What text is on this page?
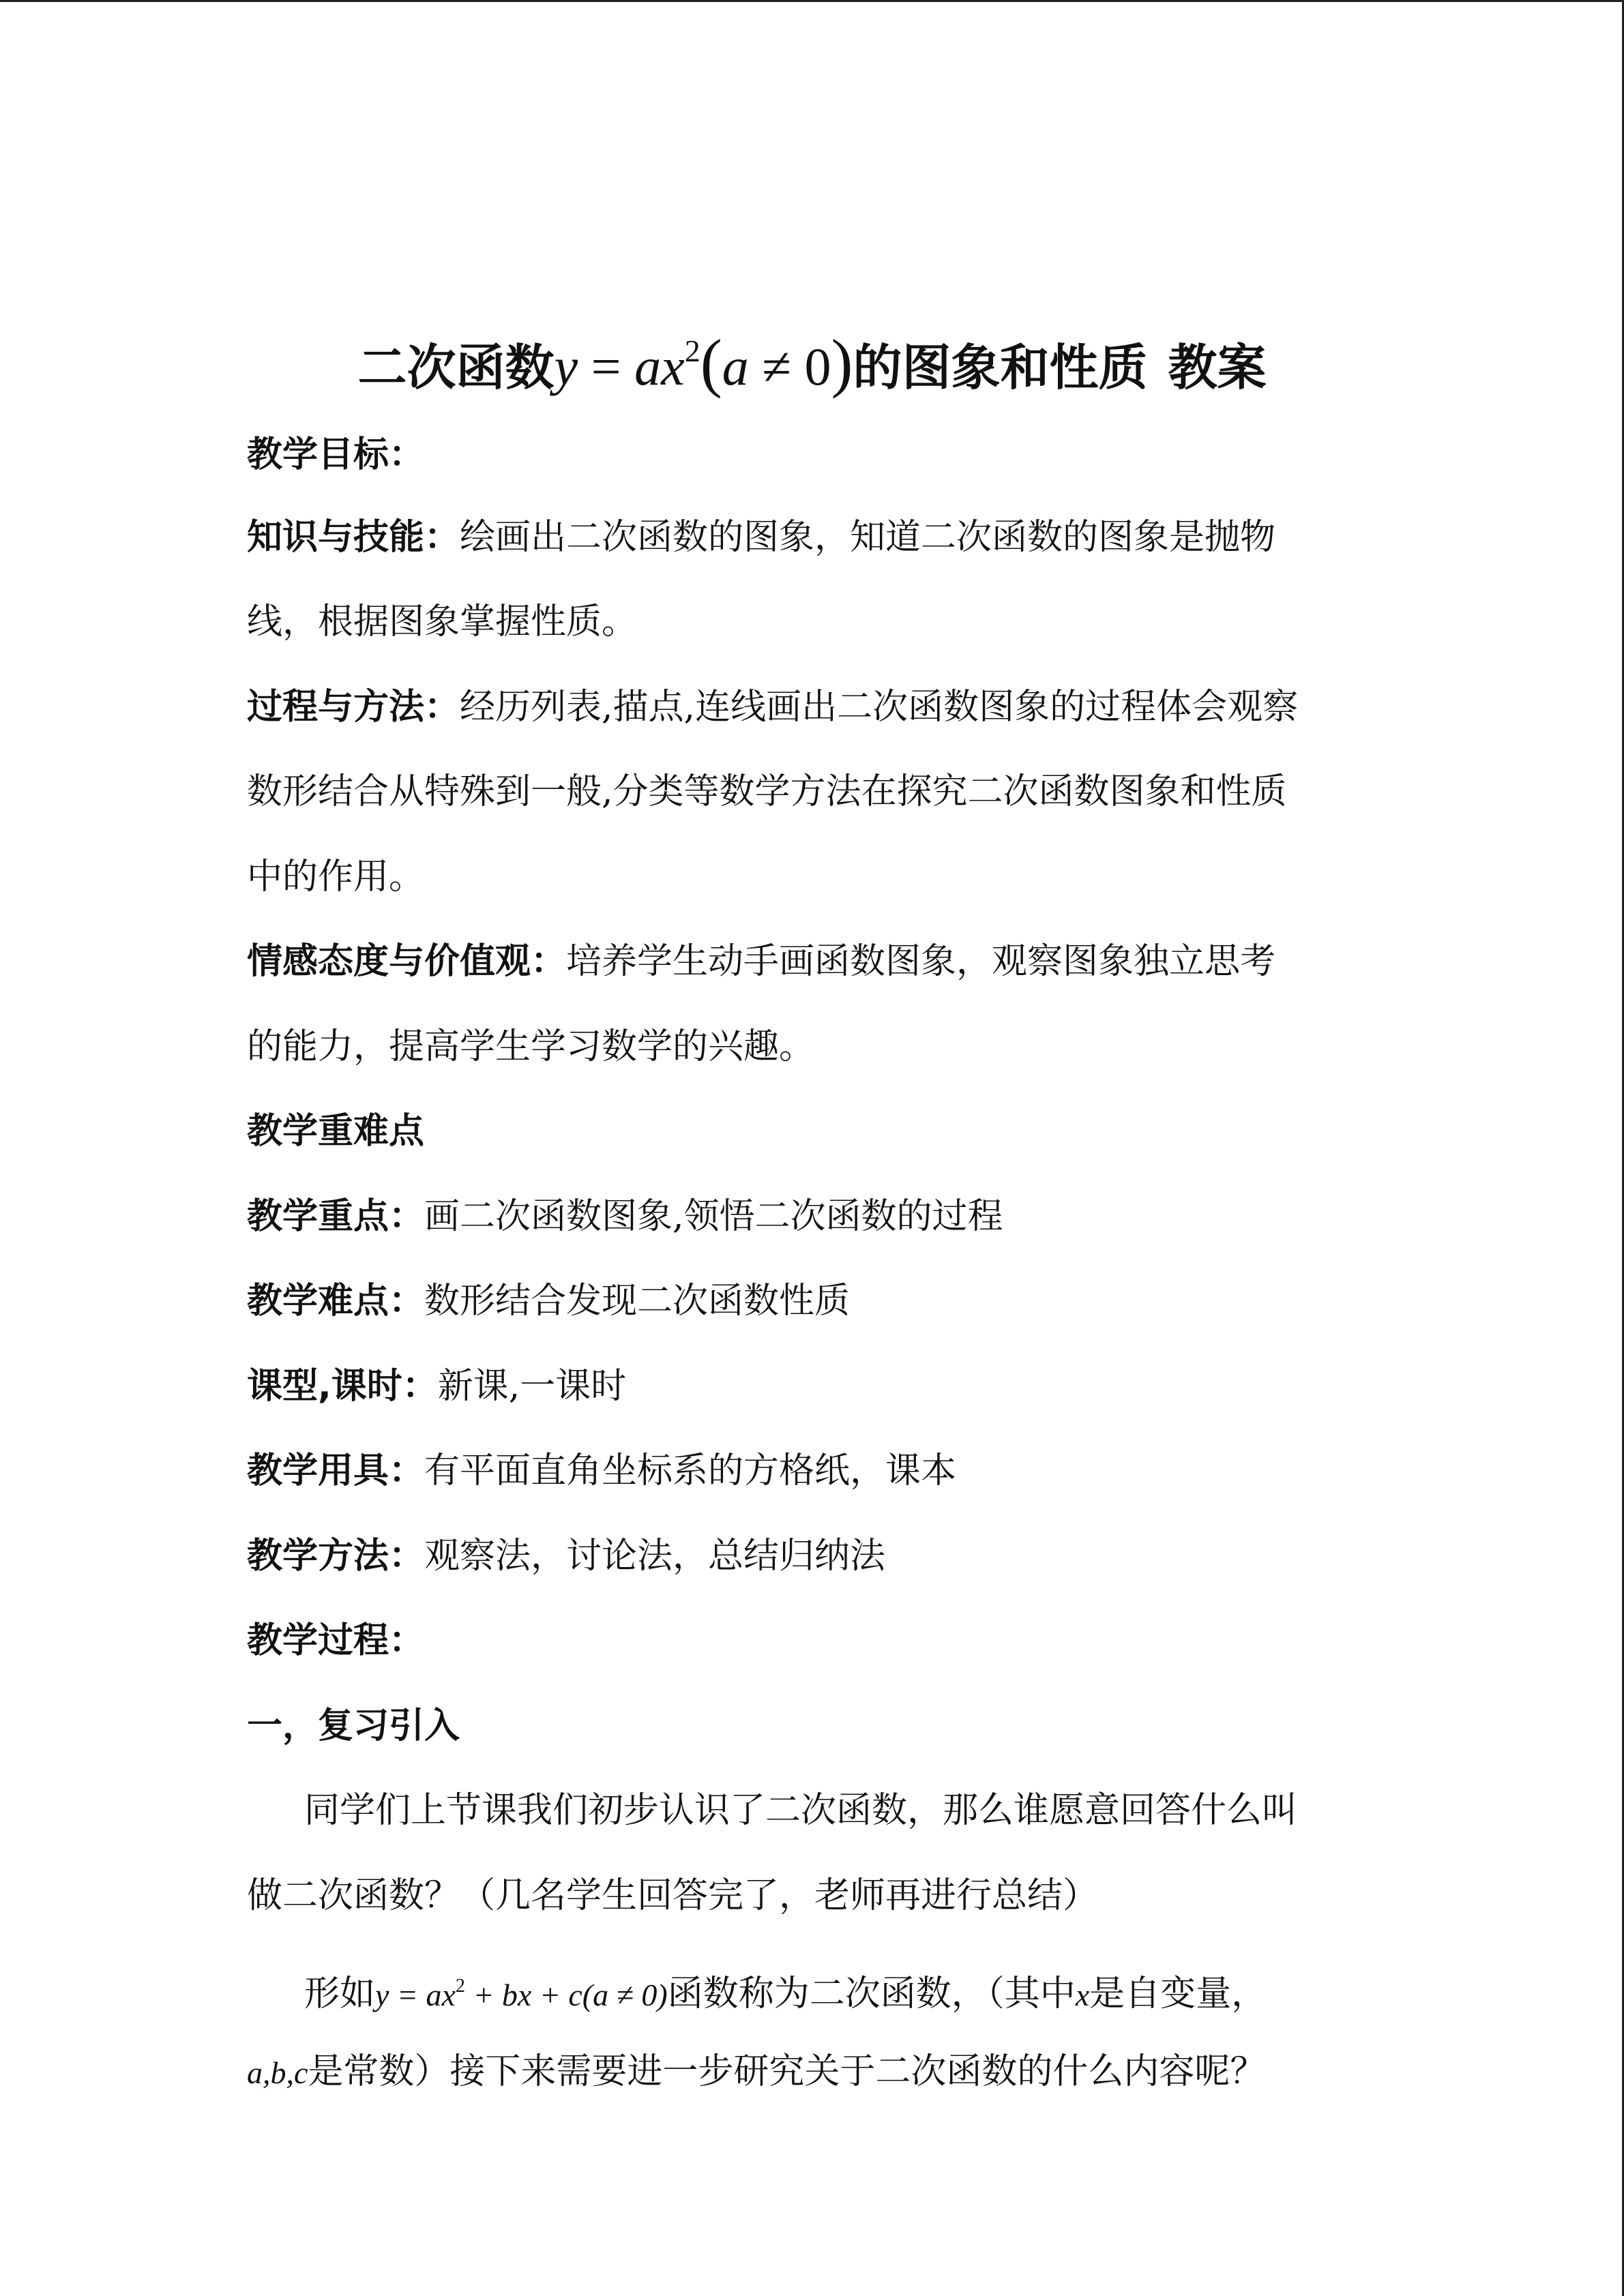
二次函数$y = ax^2(a \ne 0)$的图象和性质 教案
教学目标：
知识与技能：绘画出二次函数的图象，知道二次函数的图象是抛物
线，根据图象掌握性质。
过程与方法：经历列表,描点,连线画出二次函数图象的过程体会观察
数形结合从特殊到一般,分类等数学方法在探究二次函数图象和性质
中的作用。
情感态度与价值观：培养学生动手画函数图象，观察图象独立思考
的能力，提高学生学习数学的兴趣。
教学重难点
教学重点：画二次函数图象,领悟二次函数的过程
教学难点：数形结合发现二次函数性质
课型,课时：新课,一课时
教学用具：有平面直角坐标系的方格纸，课本
教学方法：观察法，讨论法，总结归纳法
教学过程：
一，复习引入
同学们上节课我们初步认识了二次函数，那么谁愿意回答什么叫
做二次函数？（几名学生回答完了，老师再进行总结）
形如$y = ax^2$ + bx + c(a ≠ 0)函数称为二次函数，（其中x是自变量，
a,b,c是常数）接下来需要进一步研究关于二次函数的什么内容呢？
